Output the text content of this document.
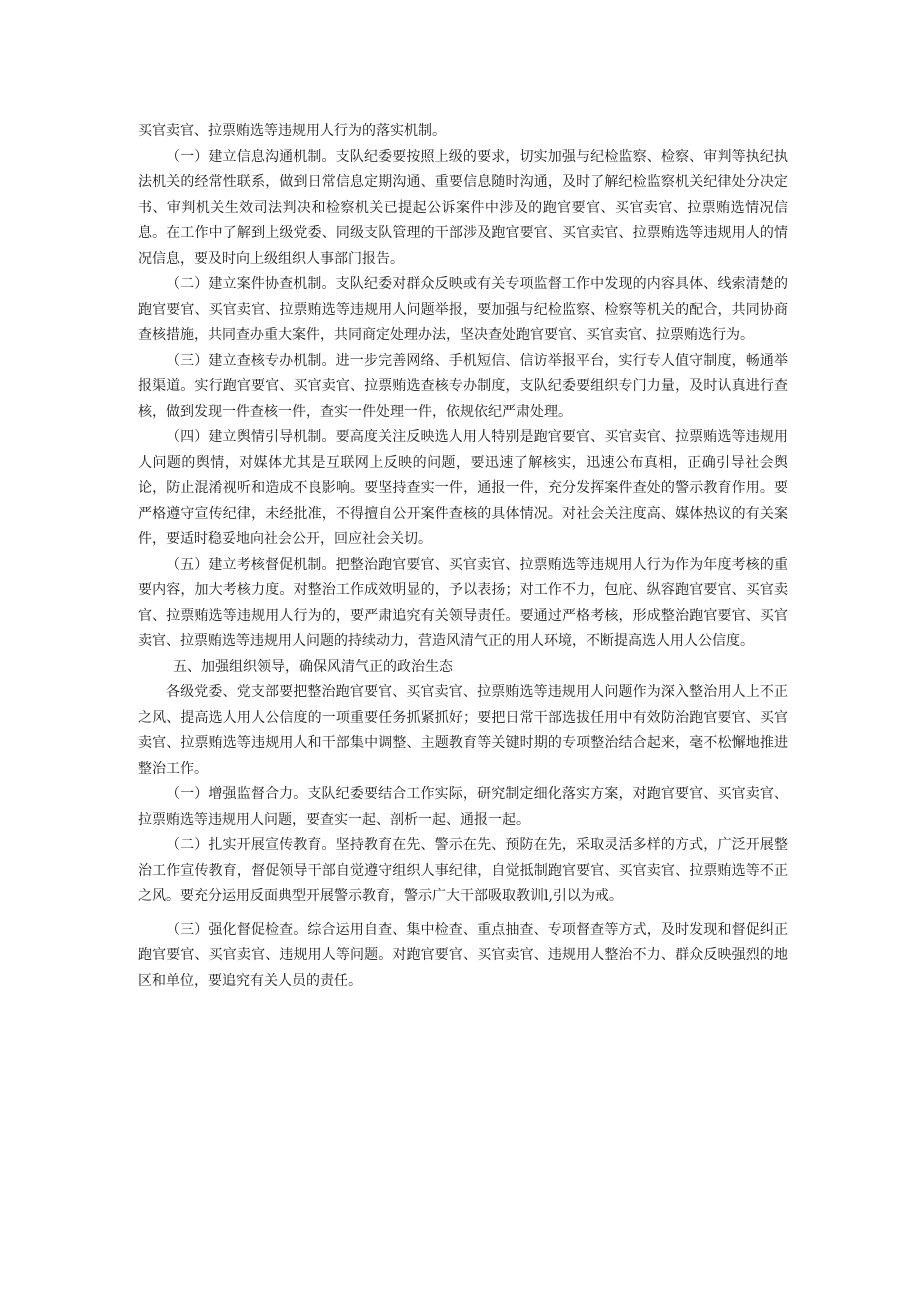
买官卖官、拉票贿选等违规用人行为的落实机制。

（一）建立信息沟通机制。支队纪委要按照上级的要求，切实加强与纪检监察、检察、审判等执纪执法机关的经常性联系，做到日常信息定期沟通、重要信息随时沟通，及时了解纪检监察机关纪律处分决定书、审判机关生效司法判决和检察机关已提起公诉案件中涉及的跑官要官、买官卖官、拉票贿选情况信息。在工作中了解到上级党委、同级支队管理的干部涉及跑官要官、买官卖官、拉票贿选等违规用人的情况信息，要及时向上级组织人事部门报告。

（二）建立案件协查机制。支队纪委对群众反映或有关专项监督工作中发现的内容具体、线索清楚的跑官要官、买官卖官、拉票贿选等违规用人问题举报，要加强与纪检监察、检察等机关的配合，共同协商查核措施，共同查办重大案件，共同商定处理办法，坚决查处跑官要官、买官卖官、拉票贿选行为。

（三）建立查核专办机制。进一步完善网络、手机短信、信访举报平台，实行专人值守制度，畅通举报渠道。实行跑官要官、买官卖官、拉票贿选查核专办制度，支队纪委要组织专门力量，及时认真进行查核，做到发现一件查核一件，查实一件处理一件，依规依纪严肃处理。

（四）建立舆情引导机制。要高度关注反映选人用人特别是跑官要官、买官卖官、拉票贿选等违规用人问题的舆情，对媒体尤其是互联网上反映的问题，要迅速了解核实，迅速公布真相，正确引导社会舆论，防止混淆视听和造成不良影响。要坚持查实一件，通报一件，充分发挥案件查处的警示教育作用。要严格遵守宣传纪律，未经批准，不得擅自公开案件查核的具体情况。对社会关注度高、媒体热议的有关案件，要适时稳妥地向社会公开，回应社会关切。

（五）建立考核督促机制。把整治跑官要官、买官卖官、拉票贿选等违规用人行为作为年度考核的重要内容，加大考核力度。对整治工作成效明显的，予以表扬；对工作不力，包庇、纵容跑官要官、买官卖官、拉票贿选等违规用人行为的，要严肃追究有关领导责任。要通过严格考核，形成整治跑官要官、买官卖官、拉票贿选等违规用人问题的持续动力，营造风清气正的用人环境，不断提高选人用人公信度。

五、加强组织领导，确保风清气正的政治生态

各级党委、党支部要把整治跑官要官、买官卖官、拉票贿选等违规用人问题作为深入整治用人上不正之风、提高选人用人公信度的一项重要任务抓紧抓好；要把日常干部选拔任用中有效防治跑官要官、买官卖官、拉票贿选等违规用人和干部集中调整、主题教育等关键时期的专项整治结合起来，毫不松懈地推进整治工作。

（一）增强监督合力。支队纪委要结合工作实际，研究制定细化落实方案，对跑官要官、买官卖官、拉票贿选等违规用人问题，要查实一起、剖析一起、通报一起。

（二）扎实开展宣传教育。坚持教育在先、警示在先、预防在先，采取灵活多样的方式，广泛开展整治工作宣传教育，督促领导干部自觉遵守组织人事纪律，自觉抵制跑官要官、买官卖官、拉票贿选等不正之风。要充分运用反面典型开展警示教育，警示广大干部吸取教训l,引以为戒。

（三）强化督促检查。综合运用自查、集中检查、重点抽查、专项督查等方式，及时发现和督促纠正跑官要官、买官卖官、违规用人等问题。对跑官要官、买官卖官、违规用人整治不力、群众反映强烈的地区和单位，要追究有关人员的责任。
